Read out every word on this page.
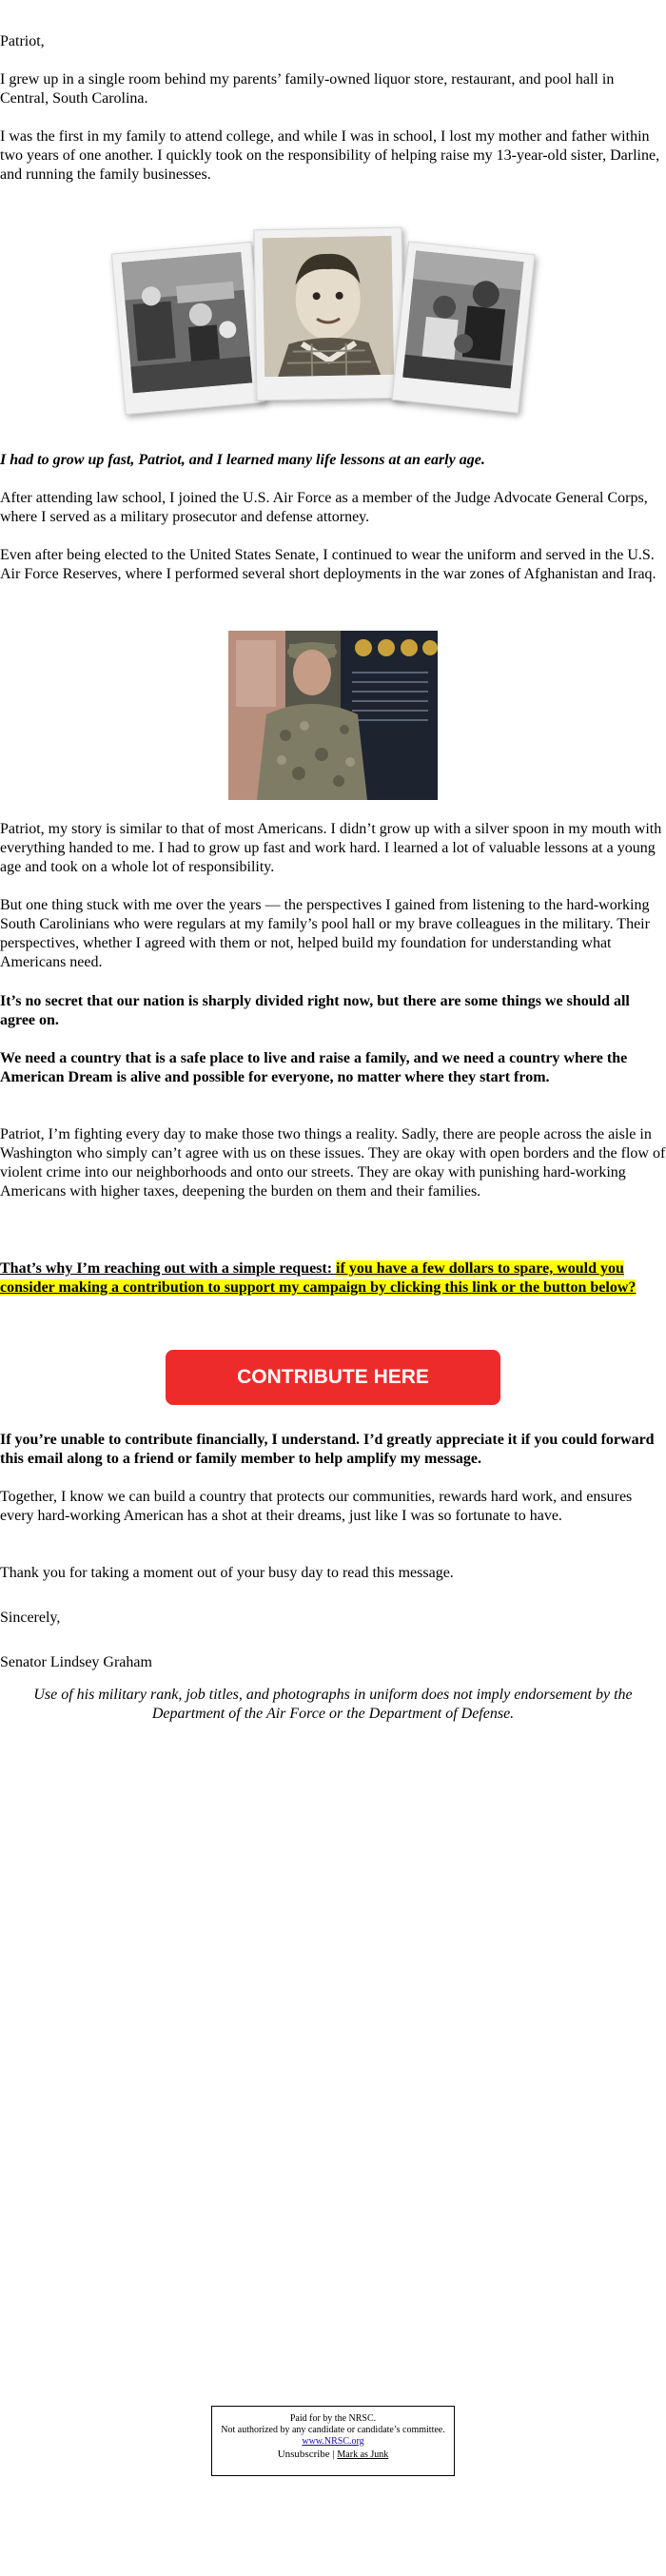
Patriot,

I grew up in a single room behind my parents’ family-owned liquor store, restaurant, and pool hall in Central, South Carolina.

I was the first in my family to attend college, and while I was in school, I lost my mother and father within two years of one another. I quickly took on the responsibility of helping raise my 13-year-old sister, Darline, and running the family businesses.

I had to grow up fast, Patriot, and I learned many life lessons at an early age.

After attending law school, I joined the U.S. Air Force as a member of the Judge Advocate General Corps, where I served as a military prosecutor and defense attorney.

Even after being elected to the United States Senate, I continued to wear the uniform and served in the U.S. Air Force Reserves, where I performed several short deployments in the war zones of Afghanistan and Iraq.

Patriot, my story is similar to that of most Americans. I didn’t grow up with a silver spoon in my mouth with everything handed to me. I had to grow up fast and work hard. I learned a lot of valuable lessons at a young age and took on a whole lot of responsibility.

But one thing stuck with me over the years — the perspectives I gained from listening to the hard-working South Carolinians who were regulars at my family’s pool hall or my brave colleagues in the military. Their perspectives, whether I agreed with them or not, helped build my foundation for understanding what Americans need.

It’s no secret that our nation is sharply divided right now, but there are some things we should all agree on.

We need a country that is a safe place to live and raise a family, and we need a country where the American Dream is alive and possible for everyone, no matter where they start from.

Patriot, I’m fighting every day to make those two things a reality. Sadly, there are people across the aisle in Washington who simply can’t agree with us on these issues. They are okay with open borders and the flow of violent crime into our neighborhoods and onto our streets. They are okay with punishing hard-working Americans with higher taxes, deepening the burden on them and their families.

That’s why I’m reaching out with a simple request: if you have a few dollars to spare, would you consider making a contribution to support my campaign by clicking this link or the button below?

CONTRIBUTE HERE

If you’re unable to contribute financially, I understand. I’d greatly appreciate it if you could forward this email along to a friend or family member to help amplify my message.

Together, I know we can build a country that protects our communities, rewards hard work, and ensures every hard-working American has a shot at their dreams, just like I was so fortunate to have.

Thank you for taking a moment out of your busy day to read this message.

Sincerely,

Senator Lindsey Graham

Use of his military rank, job titles, and photographs in uniform does not imply endorsement by the Department of the Air Force or the Department of Defense.

Paid for by the NRSC.
Not authorized by any candidate or candidate’s committee.
www.NRSC.org
Unsubscribe | Mark as Junk
